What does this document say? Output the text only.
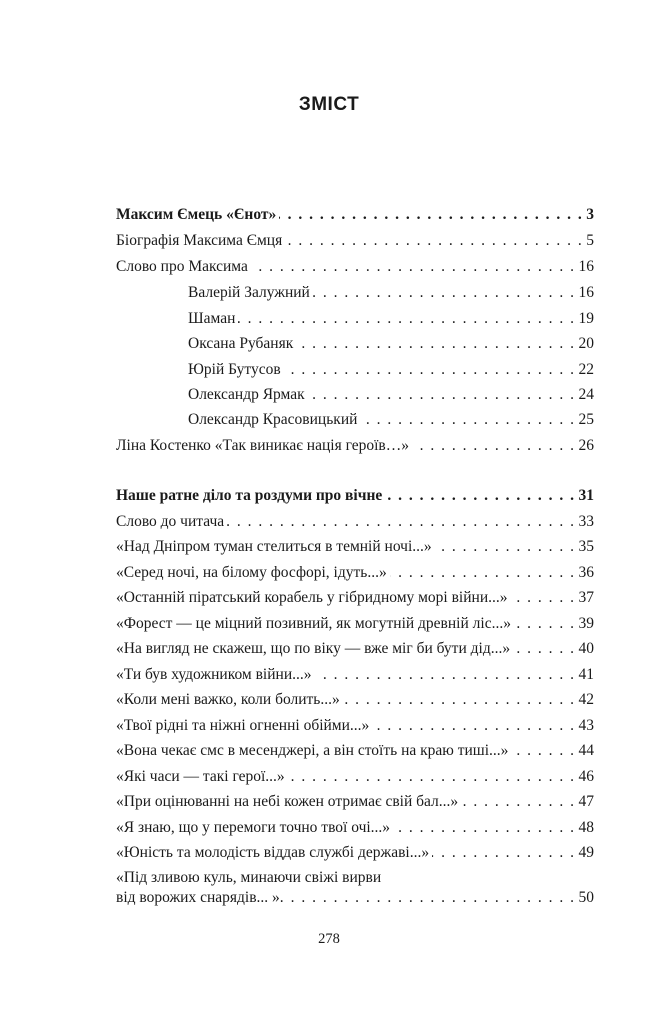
ЗМІСТ
Максим Ємець «Єнот» . . .	3
Біографія Максима Ємця . . .	5
Слово про Максима . . .	16
Валерій Залужний . . .	16
Шаман . . .	19
Оксана Рубаняк . . .	20
Юрій Бутусов . . .	22
Олександр Ярмак . . .	24
Олександр Красовицький . . .	25
Ліна Костенко «Так виникає нація героїв…» . . .	26
Наше ратне діло та роздуми про вічне . . .	31
Слово до читача . . .	33
«Над Дніпром туман стелиться в темній ночі...» . . .	35
«Серед ночі, на білому фосфорі, ідуть...» . . .	36
«Останній піратський корабель у гібридному морі війни...» . . .	37
«Форест — це міцний позивний, як могутній древній ліс...» . . .	39
«На вигляд не скажеш, що по віку — вже міг би бути дід...» . . .	40
«Ти був художником війни...» . . .	41
«Коли мені важко, коли болить...» . . .	42
«Твої рідні та ніжні огненні обійми...» . . .	43
«Вона чекає смс в месенджері, а він стоїть на краю тиші...» . . .	44
«Які часи — такі герої...» . . .	46
«При оцінюванні на небі кожен отримає свій бал...» . . .	47
«Я знаю, що у перемоги точно твої очі...» . . .	48
«Юність та молодість віддав службі державі...» . . .	49
«Під зливою куль, минаючи свіжі вирви
від ворожих снарядів... ». . . .	50
278
